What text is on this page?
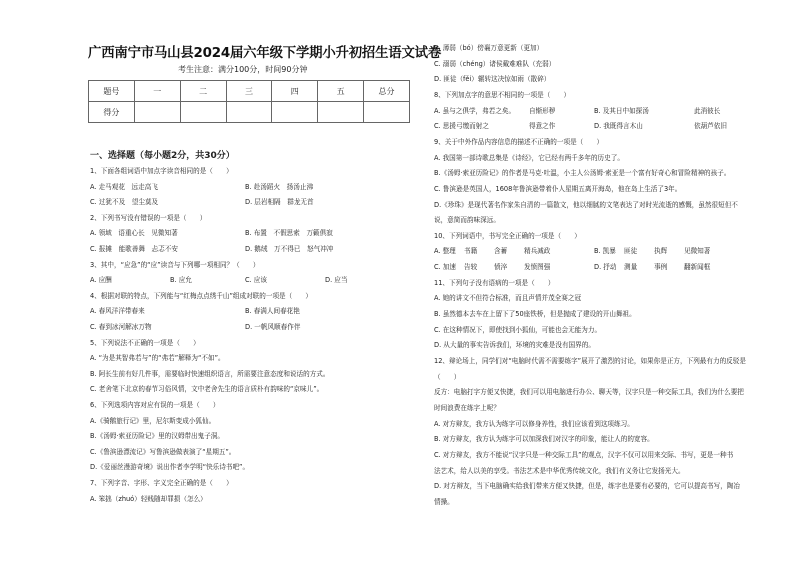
广西南宁市马山县2024届六年级下学期小升初招生语文试卷
考生注意：满分100分，时间90分钟
题号	一	二	三	四	五	总分
得分						
一、选择题（每小题2分，共30分）
1、下面各组词语中加点字读音相同的是（　　）
A. 走马观花　远走高飞	B. 赴汤蹈火　扬汤止沸
C. 过犹不及　望尘莫及	D. 层岩相隔　群龙无首
2、下列书写没有错误的一项是（　　）
A. 领域　语重心长　见微知著	B. 布置　不假思索　万籁俱寂
C. 报摊　能歌善舞　忐忑不安	D. 鹅绒　万不得已　怒气冲冲
3、其中，“应急”的“应”读音与下列哪一项相同？（　　）
A. 应酬	B. 应允	C. 应该	D. 应当
4、根据对联的特点，下列能与“红梅点点绣千山”组成对联的一项是（　　）
A. 春风洋洋带春来	B. 春满人间春花艳
C. 春到冰河解冰万物	D. 一帆风顺春作伴
5、下列说法不正确的一项是（　　）
A. “为是其智弗若与”的“弗若”解释为“不如”。
B. 阿长生前有好几件事，需要临时快速组织语言，所需要注意态度和说话的方式。
C. 老舍笔下北京的春节习俗风情，文中老舍先生的语言质朴有韵味的“京味儿”。
6、下列选项内容对应有误的一项是（　　）
A.《骑鹅旅行记》里，尼尔斯变成小狐仙。
B.《汤姆·索亚历险记》里的汉姆带出鬼子洞。
C.《鲁滨逊漂流记》写鲁滨逊做表演了“星期五”。
D.《爱丽丝漫游奇境》说出作者李学明“快乐诗书吧”。
7、下列字音、字形、字义完全正确的是（　　）
A. 笨拙（zhuó）轻贱随却罪损（怎么）
B. 薄弱（bó）傍襄万意更新（更加）
C. 溺弱（chéng）诸侯戴难难队（充弱）
D. 匪徒（fěi）辗转这决惊如雨（散碎）
8、下列加点字的意思不相同的一项是（　　）
A. 虽与之俱学，弗若之矣。 自惭形秽	B. 及其日中如探汤	此消彼长
C. 思援弓缴而射之	得意之作	D. 我既得言木山	依葫芦依旧
9、关于中外作品内容信息的描述不正确的一项是（　　）
A. 我国第一部诗歌总集是《诗经》，它已经有两千多年的历史了。
B.《汤姆·索亚历险记》的作者是马克·吐温，小主人公汤姆·索亚是一个富有好奇心和冒险精神的孩子。
C. 鲁滨逊是英国人，1608年鲁滨逊带着仆人星期五离开海岛，他在岛上生活了3年。
D.《珍珠》是现代著名作家朱自清的一篇散文，他以细腻的文笔表达了对时光流逝的感慨，虽然很短但不
说，意简而韵味深远。
10、下列词语中，书写完全正确的一项是（　　）
A. 整理 书籍	含蓄	精兵减政	B. 凯暴 匪徒	执辉	见微知著
C. 加速 告较	愤淬	发愤图强	D. 抒动 测量	事例	翻新闻框
11、下列句子没有语病的一项是（　　）
A. 她的讲文不但符合标准，而且声情并茂全赛之冠
B. 虽然德本去车在上留下了50座铁桥，但是抛成了建设的开山舞祖。
C. 在这种情况下，即使找到小狐仙，可能也会无能为力。
D. 从大量的事实告诉我们，环境的灾难是没有国界的。
12、辩论场上，同学们对“电脑时代需不需要练字”展开了激烈的讨论，如果你是正方，下列最有力的反驳是
（　　）
反方：电脑打字方便又快捷，我们可以用电脑进行办公、聊天等，汉字只是一种交际工具，我们为什么要把
时间浪费在练字上呢？
A. 对方辩友，我方认为练字可以修身养性，我们应该看到这项练习。
B. 对方辩友，我方认为练字可以加深我们对汉字的印象，能让人的的宽容。
C. 对方辩友，我方不能说“汉字只是一种交际工具”的观点，汉字不仅可以用来交际、书写，更是一种书
法艺术，给人以美的享受。书法艺术是中华优秀传统文化，我们有义务让它发扬光大。
D. 对方辩友，当下电脑确实给我们带来方便又快捷，但是，练字也是要有必要的，它可以提高书写，陶冶
情操。
